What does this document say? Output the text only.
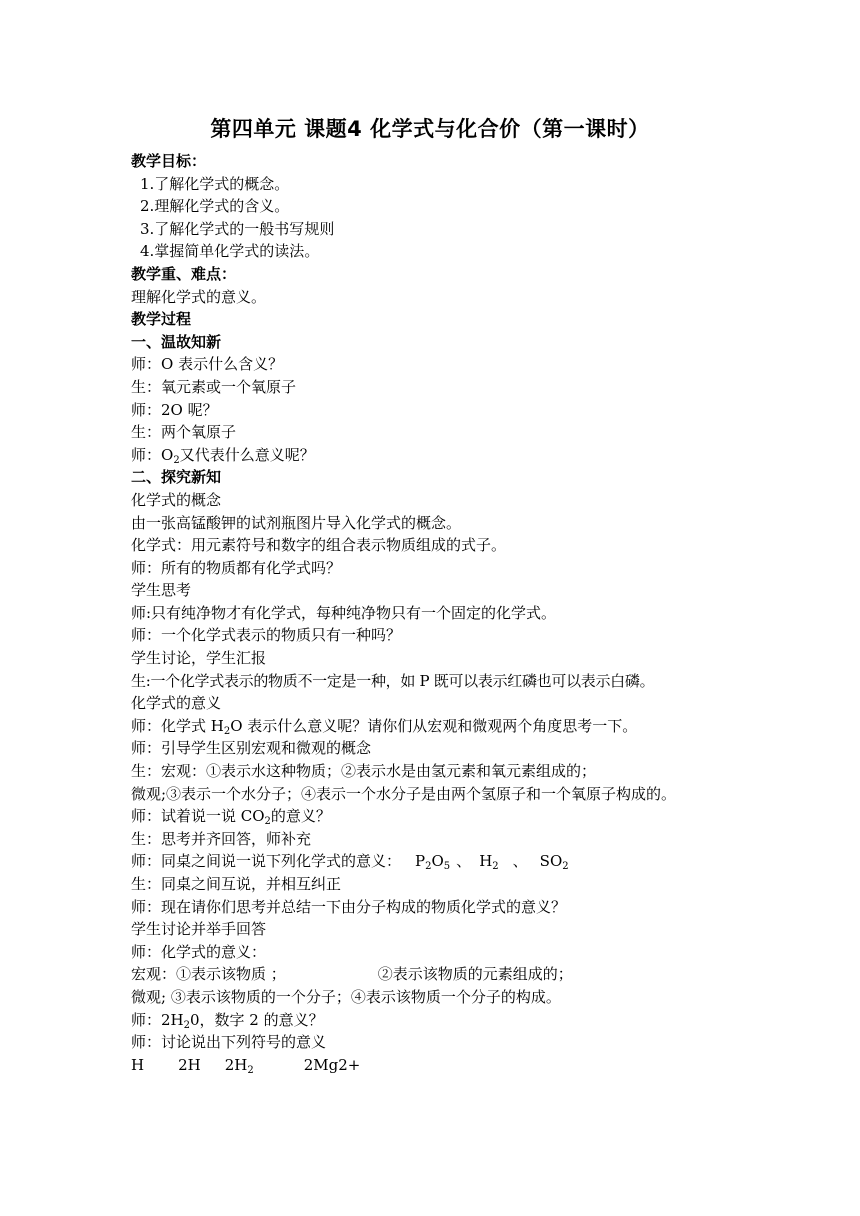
第四单元 课题4 化学式与化合价（第一课时）
教学目标：
1.了解化学式的概念。
2.理解化学式的含义。
3.了解化学式的一般书写规则
4.掌握简单化学式的读法。
教学重、难点：
理解化学式的意义。
教学过程
一、温故知新
师：O 表示什么含义？
生：氧元素或一个氧原子
师：2O 呢？
生：两个氧原子
师：$O_2$又代表什么意义呢？
二、探究新知
化学式的概念
由一张高锰酸钾的试剂瓶图片导入化学式的概念。
化学式：用元素符号和数字的组合表示物质组成的式子。
师：所有的物质都有化学式吗？
学生思考
师:只有纯净物才有化学式，每种纯净物只有一个固定的化学式。
师：一个化学式表示的物质只有一种吗？
学生讨论，学生汇报
生:一个化学式表示的物质不一定是一种，如 P 既可以表示红磷也可以表示白磷。
化学式的意义
师：化学式 $H_2O$ 表示什么意义呢？请你们从宏观和微观两个角度思考一下。
师：引导学生区别宏观和微观的概念
生：宏观：①表示水这种物质；②表示水是由氢元素和氧元素组成的；
微观;③表示一个水分子；④表示一个水分子是由两个氢原子和一个氧原子构成的。
师：试着说一说 $CO_2$的意义？
生：思考并齐回答，师补充
师：同桌之间说一说下列化学式的意义： $P_2O_5$ 、 $H_2$ 、 $SO_2$
生：同桌之间互说，并相互纠正
师：现在请你们思考并总结一下由分子构成的物质化学式的意义？
学生讨论并举手回答
师：化学式的意义：
宏观：①表示该物质 ；	②表示该物质的元素组成的；
微观; ③表示该物质的一个分子；④表示该物质一个分子的构成。
师：$2H_20$，数字 2 的意义？
师：讨论说出下列符号的意义
H 2H $2H_2$	2Mg2+
